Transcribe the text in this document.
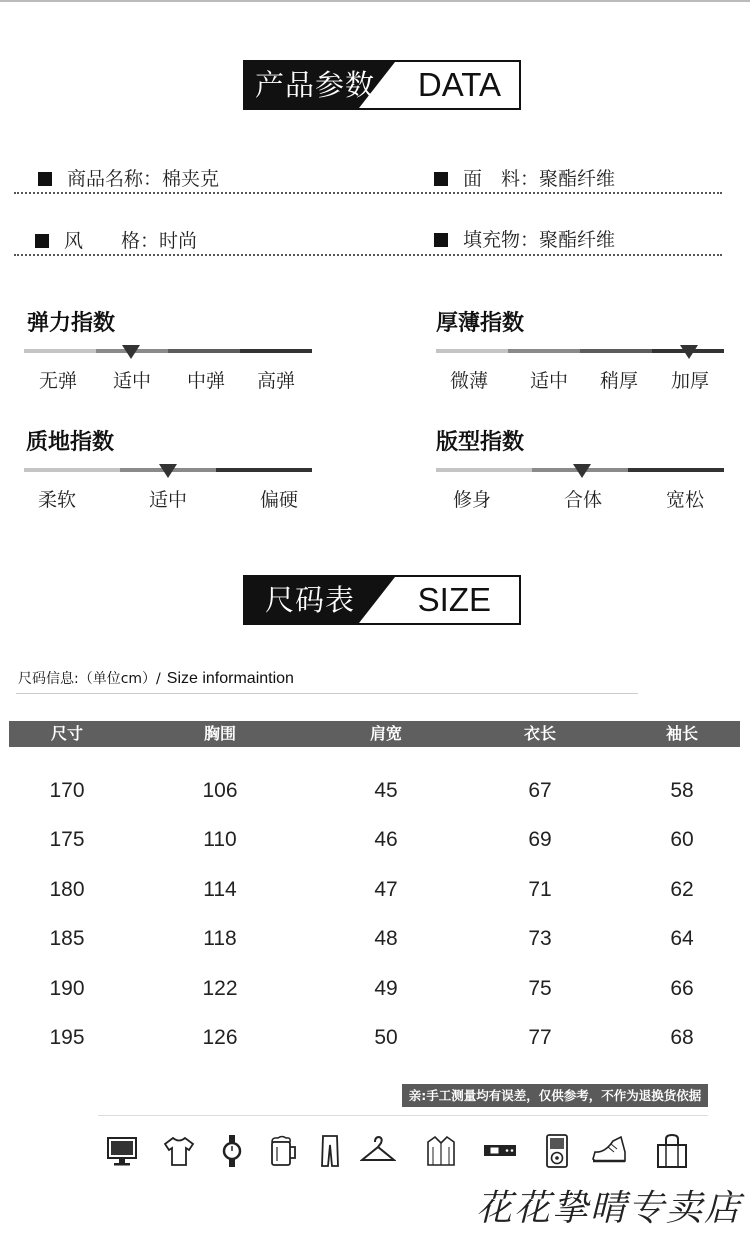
产品参数 DATA
商品名称：棉夹克	面　料：聚酯纤维
风　　格：时尚	填充物：聚酯纤维
弹力指数
无弹 适中 中弹 高弹
厚薄指数
微薄 适中 稍厚 加厚
质地指数
柔软	适中	偏硬
版型指数
修身	合体	宽松
尺码表 SIZE
尺码信息:（单位cm）/ Size informaintion
尺寸	胸围	肩宽	衣长	袖长
170	106	45	67	58
175	110	46	69	60
180	114	47	71	62
185	118	48	73	64
190	122	49	75	66
195	126	50	77	68
亲:手工测量均有误差，仅供参考，不作为退换货依据
花花挚晴专卖店
